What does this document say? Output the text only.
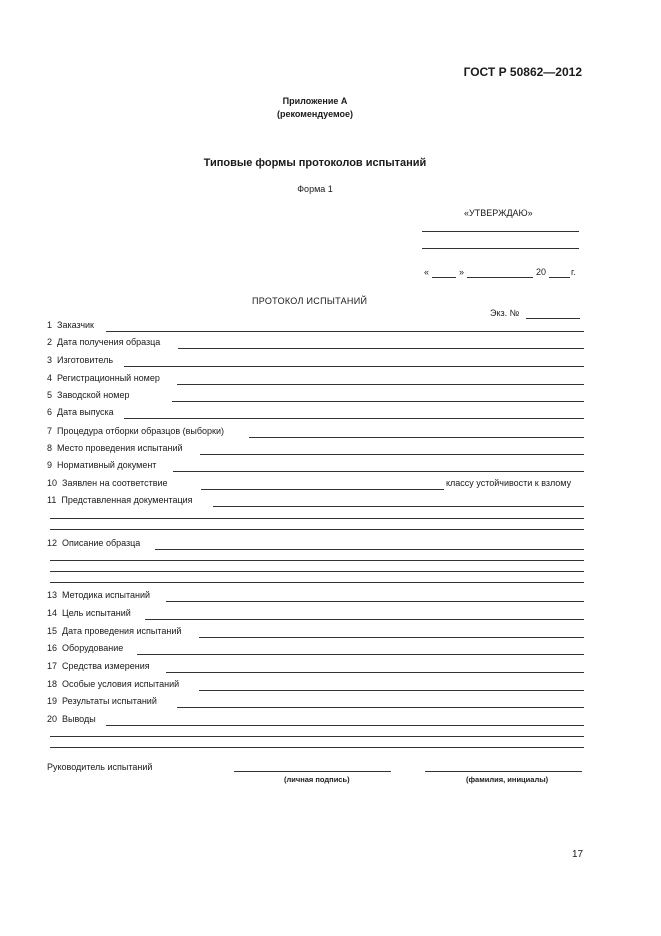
ГОСТ Р 50862—2012
Приложение А
(рекомендуемое)
Типовые формы протоколов испытаний
Форма 1
«УТВЕРЖДАЮ»
«	»	20	г.
ПРОТОКОЛ ИСПЫТАНИЙ
Экз. №
1 Заказчик
2 Дата получения образца
3 Изготовитель
4 Регистрационный номер
5 Заводской номер
6 Дата выпуска
7 Процедура отборки образцов (выборки)
8 Место проведения испытаний
9 Нормативный документ
10 Заявлен на соответствие	классу устойчивости к взлому
11 Представленная документация
12 Описание образца
13 Методика испытаний
14 Цель испытаний
15 Дата проведения испытаний
16 Оборудование
17 Средства измерения
18 Особые условия испытаний
19 Результаты испытаний
20 Выводы
Руководитель испытаний
(личная подпись)	(фамилия, инициалы)
17
